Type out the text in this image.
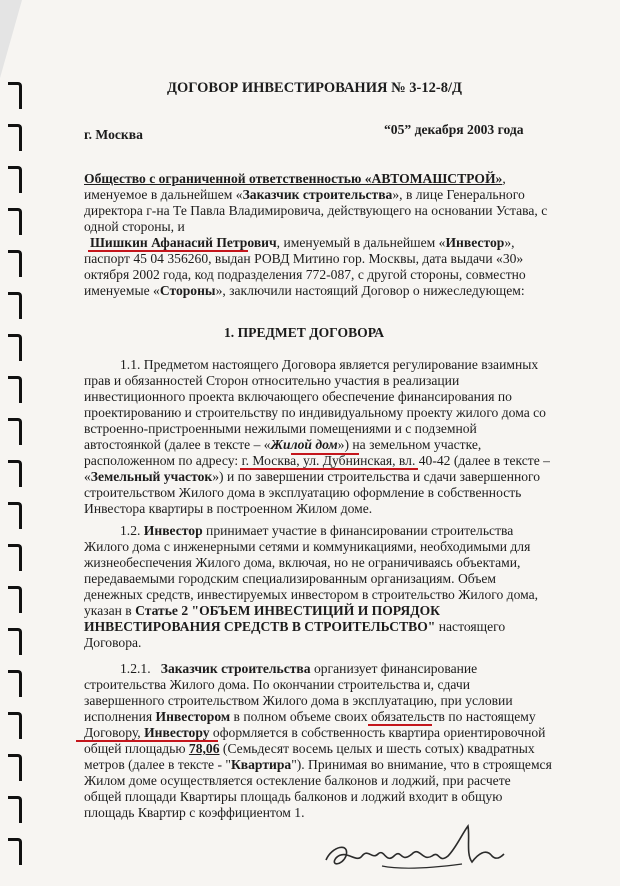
ДОГОВОР ИНВЕСТИРОВАНИЯ № 3-12-8/Д
г. Москва	“05” декабря 2003 года
Общество с ограниченной ответственностью «АВТОМАШСТРОЙ»,
именуемое в дальнейшем «Заказчик строительства», в лице Генерального
директора г-на Те Павла Владимировича, действующего на основании Устава, с
одной стороны, и
Шишкин Афанасий Петрович, именуемый в дальнейшем «Инвестор»,
паспорт 45 04 356260, выдан РОВД Митино гор. Москвы, дата выдачи «30»
октября 2002 года, код подразделения 772-087, с другой стороны, совместно
именуемые «Стороны», заключили настоящий Договор о нижеследующем:
1. ПРЕДМЕТ ДОГОВОРА
1.1. Предметом настоящего Договора является регулирование взаимных
прав и обязанностей Сторон относительно участия в реализации
инвестиционного проекта включающего обеспечение финансирования по
проектированию и строительству по индивидуальному проекту жилого дома со
встроенно-пристроенными нежилыми помещениями и с подземной
автостоянкой (далее в тексте – «Жилой дом») на земельном участке,
расположенном по адресу: г. Москва, ул. Дубнинская, вл. 40-42 (далее в тексте –
«Земельный участок») и по завершении строительства и сдачи завершенного
строительством Жилого дома в эксплуатацию оформление в собственность
Инвестора квартиры в построенном Жилом доме.
1.2. Инвестор принимает участие в финансировании строительства
Жилого дома с инженерными сетями и коммуникациями, необходимыми для
жизнеобеспечения Жилого дома, включая, но не ограничиваясь объектами,
передаваемыми городским специализированным организациям. Объем
денежных средств, инвестируемых инвестором в строительство Жилого дома,
указан в Статье 2 "ОБЪЕМ ИНВЕСТИЦИЙ И ПОРЯДОК
ИНВЕСТИРОВАНИЯ СРЕДСТВ В СТРОИТЕЛЬСТВО" настоящего
Договора.
1.2.1. Заказчик строительства организует финансирование
строительства Жилого дома. По окончании строительства и, сдачи
завершенного строительством Жилого дома в эксплуатацию, при условии
исполнения Инвестором в полном объеме своих обязательств по настоящему
Договору, Инвестору оформляется в собственность квартира ориентировочной
общей площадью 78,06 (Семьдесят восемь целых и шесть сотых) квадратных
метров (далее в тексте - "Квартира"). Принимая во внимание, что в строящемся
Жилом доме осуществляется остекление балконов и лоджий, при расчете
общей площади Квартиры площадь балконов и лоджий входит в общую
площадь Квартир с коэффициентом 1.
